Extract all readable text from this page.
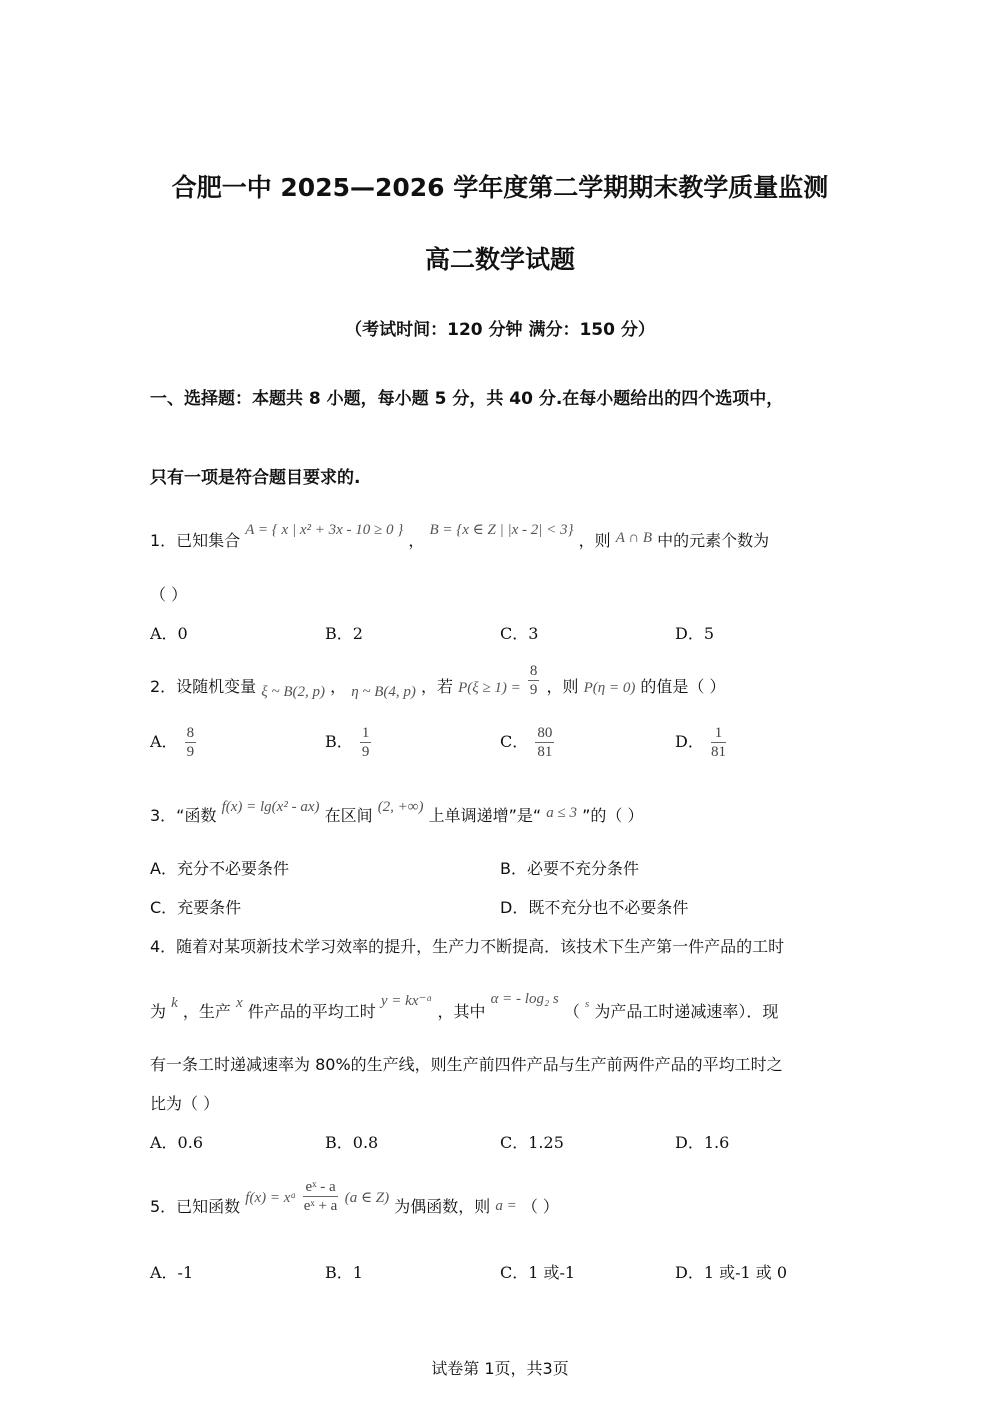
合肥一中 2025—2026 学年度第二学期期末教学质量监测
高二数学试题
（考试时间：120 分钟 满分：150 分）
一、选择题：本题共 8 小题，每小题 5 分，共 40 分.在每小题给出的四个选项中，
只有一项是符合题目要求的.
1．已知集合 A = { x | x² + 3x - 10 ≥ 0 } ， B = {x ∈ Z | |x - 2| < 3} ，则 A ∩ B 中的元素个数为
（ ）
A．0	B．2	C．3	D．5
2．设随机变量 ξ ~ B(2, p) ， η ~ B(4, p) ，若 $P(\xi \ge 1) = \frac{8}{9}$ ，则 P(η = 0) 的值是（ ）
A． $\frac{8}{9}$	B． $\frac{1}{9}$	C． $\frac{80}{81}$	D． $\frac{1}{81}$
3．“函数 f(x) = lg(x² - ax) 在区间 (2, +∞) 上单调递增”是“ a ≤ 3 ”的（ ）
A．充分不必要条件	B．必要不充分条件
C．充要条件	D．既不充分也不必要条件
4．随着对某项新技术学习效率的提升，生产力不断提高．该技术下生产第一件产品的工时
为 k ，生产 x 件产品的平均工时 y = kx⁻ᵅ ，其中 α = - log₂ s （ s 为产品工时递减速率）．现
有一条工时递减速率为 80%的生产线，则生产前四件产品与生产前两件产品的平均工时之
比为（ ）
A．0.6	B．0.8	C．1.25	D．1.6
5．已知函数 f(x) = xᵃ $\frac{\text{eˣ - a}}{\text{eˣ + a}} (a$ ∈ Z) 为偶函数，则 a = （ ）
A．-1	B．1	C．1 或-1	D．1 或-1 或 0
试卷第 1页，共3页
